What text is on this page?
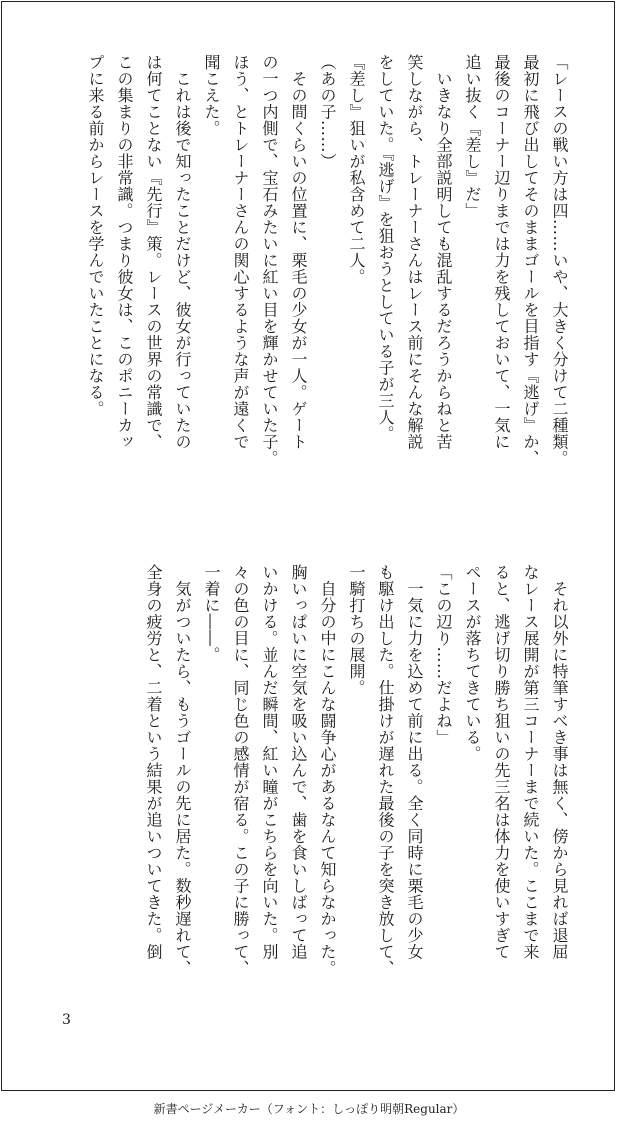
「レースの戦い方は四……いや、大きく分けて二種類。

最初に飛び出してそのままゴールを目指す『逃げ』か、

最後のコーナー辺りまでは力を残しておいて、一気に

追い抜く『差し』だ」

　いきなり全部説明しても混乱するだろうからねと苦

笑しながら、トレーナーさんはレース前にそんな解説

をしていた。『逃げ』を狙おうとしている子が三人。

『差し』狙いが私含めて二人。

（あの子……）

　その間くらいの位置に、栗毛の少女が一人。ゲート

の一つ内側で、宝石みたいに紅い目を輝かせていた子。

ほう、とトレーナーさんの関心するような声が遠くで

聞こえた。

　これは後で知ったことだけど、彼女が行っていたの

は何てことない『先行』策。レースの世界の常識で、

この集まりの非常識。つまり彼女は、このポニーカッ

プに来る前からレースを学んでいたことになる。

　それ以外に特筆すべき事は無く、傍から見れば退屈

なレース展開が第三コーナーまで続いた。ここまで来

ると、逃げ切り勝ち狙いの先三名は体力を使いすぎて

ペースが落ちてきている。

「この辺り……だよね」

　一気に力を込めて前に出る。全く同時に栗毛の少女

も駆け出した。仕掛けが遅れた最後の子を突き放して、

一騎打ちの展開。

　自分の中にこんな闘争心があるなんて知らなかった。

胸いっぱいに空気を吸い込んで、歯を食いしばって追

いかける。並んだ瞬間、紅い瞳がこちらを向いた。別

々の色の目に、同じ色の感情が宿る。この子に勝って、

一着に――。

　気がついたら、もうゴールの先に居た。数秒遅れて、

全身の疲労と、二着という結果が追いついてきた。倒

3
新書ページメーカー（フォント：しっぽり明朝Regular）
